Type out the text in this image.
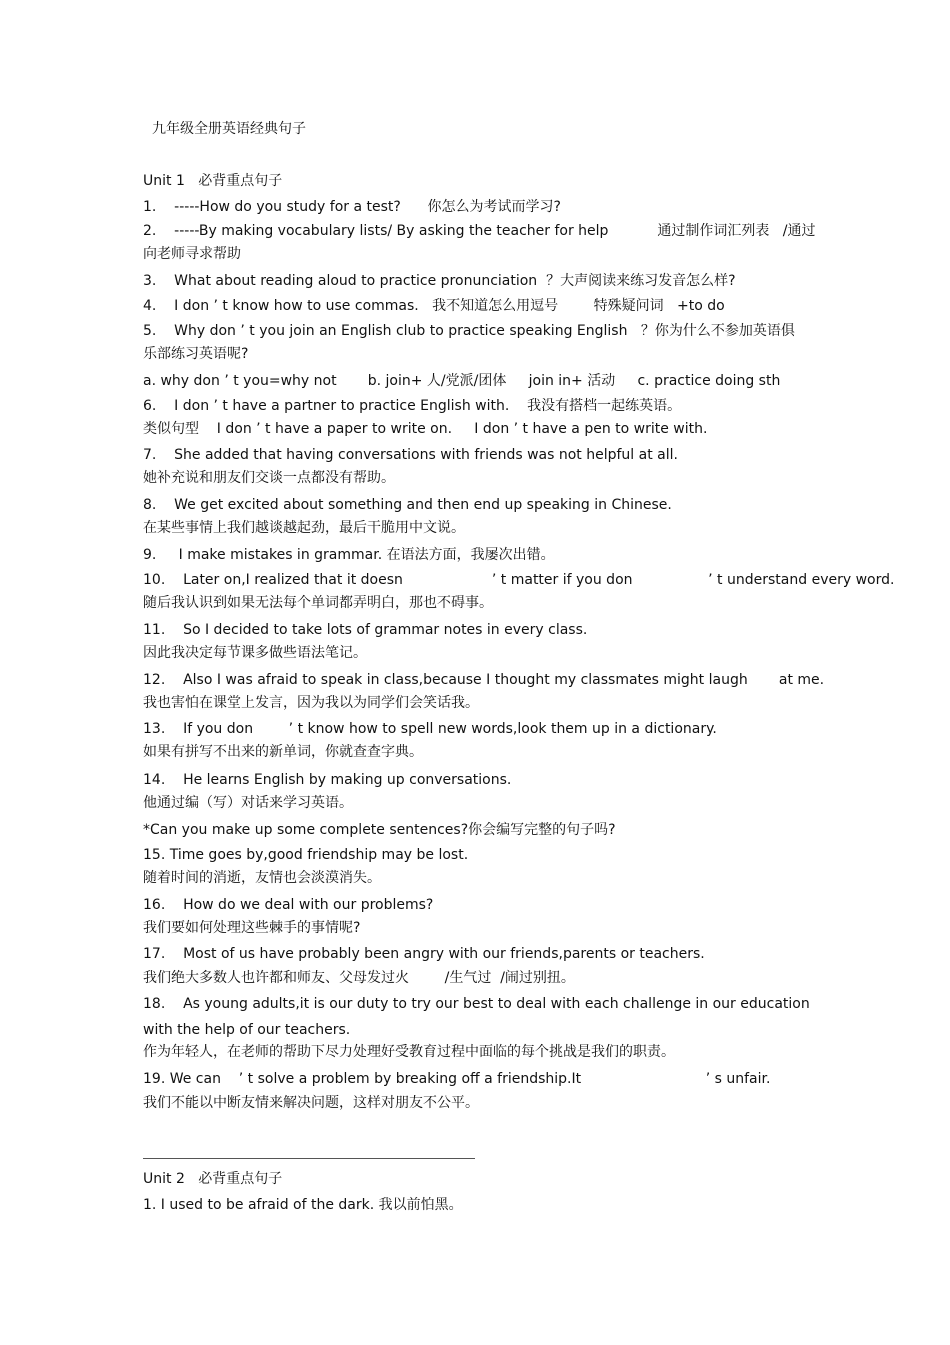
九年级全册英语经典句子

Unit 1   必背重点句子

1.    -----How do you study for a test?      你怎么为考试而学习?

2.    -----By making vocabulary lists/ By asking the teacher for help           通过制作词汇列表   /通过

向老师寻求帮助

3.    What about reading aloud to practice pronunciation  ？大声阅读来练习发音怎么样?

4.    I don ’ t know how to use commas.   我不知道怎么用逗号        特殊疑问词   +to do

5.    Why don ’ t you join an English club to practice speaking English   ？你为什么不参加英语俱

乐部练习英语呢?

a. why don ’ t you=why not       b. join+ 人/党派/团体     join in+ 活动     c. practice doing sth

6.    I don ’ t have a partner to practice English with.    我没有搭档一起练英语。

类似句型    I don ’ t have a paper to write on.     I don ’ t have a pen to write with.

7.    She added that having conversations with friends was not helpful at all.

她补充说和朋友们交谈一点都没有帮助。

8.    We get excited about something and then end up speaking in Chinese.

在某些事情上我们越谈越起劲，最后干脆用中文说。

9.     I make mistakes in grammar. 在语法方面，我屡次出错。

10.    Later on,I realized that it doesn                    ’ t matter if you don                 ’ t understand every word.

随后我认识到如果无法每个单词都弄明白，那也不碍事。

11.    So I decided to take lots of grammar notes in every class.

因此我决定每节课多做些语法笔记。

12.    Also I was afraid to speak in class,because I thought my classmates might laugh       at me.

我也害怕在课堂上发言，因为我以为同学们会笑话我。

13.    If you don        ’ t know how to spell new words,look them up in a dictionary.

如果有拼写不出来的新单词，你就查查字典。

14.    He learns English by making up conversations.

他通过编（写）对话来学习英语。

*Can you make up some complete sentences?你会编写完整的句子吗?

15. Time goes by,good friendship may be lost.

随着时间的消逝，友情也会淡漠消失。

16.    How do we deal with our problems?

我们要如何处理这些棘手的事情呢?

17.    Most of us have probably been angry with our friends,parents or teachers.

我们绝大多数人也许都和师友、父母发过火        /生气过  /闹过别扭。

18.    As young adults,it is our duty to try our best to deal with each challenge in our education

with the help of our teachers.

作为年轻人，在老师的帮助下尽力处理好受教育过程中面临的每个挑战是我们的职责。

19. We can    ’ t solve a problem by breaking off a friendship.It                            ’ s unfair.

我们不能以中断友情来解决问题，这样对朋友不公平。

Unit 2   必背重点句子

1. I used to be afraid of the dark. 我以前怕黑。
